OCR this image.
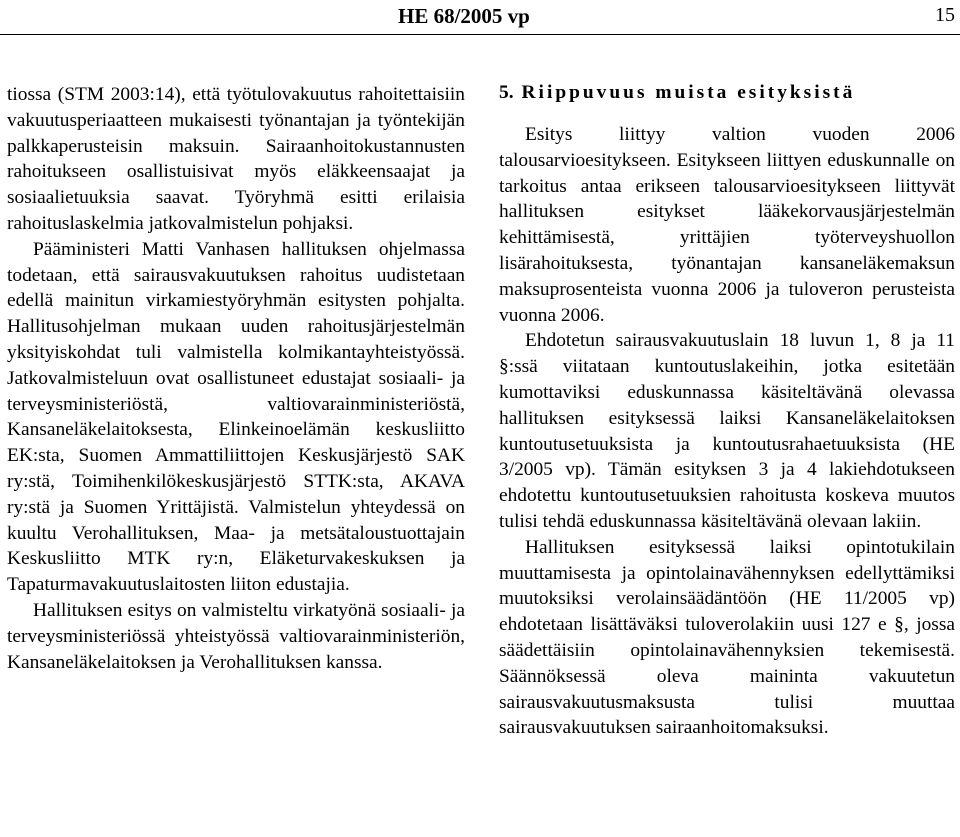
HE 68/2005 vp	15

tiossa (STM 2003:14), että työtulovakuutus rahoitettaisiin vakuutusperiaatteen mukaisesti työnantajan ja työntekijän palkkaperusteisin maksuin. Sairaanhoitokustannusten rahoitukseen osallistuisivat myös eläkkeensaajat ja sosiaalietuuksia saavat. Työryhmä esitti erilaisia rahoituslaskelmia jatkovalmistelun pohjaksi.

Pääministeri Matti Vanhasen hallituksen ohjelmassa todetaan, että sairausvakuutuksen rahoitus uudistetaan edellä mainitun virkamiestyöryhmän esitysten pohjalta. Hallitusohjelman mukaan uuden rahoitusjärjestelmän yksityiskohdat tuli valmistella kolmikantayhteistyössä. Jatkovalmisteluun ovat osallistuneet edustajat sosiaali- ja terveysministeriöstä, valtiovarainministeriöstä, Kansaneläkelaitoksesta, Elinkeinoelämän keskusliitto EK:sta, Suomen Ammattiliittojen Keskusjärjestö SAK ry:stä, Toimihenkilökeskusjärjestö STTK:sta, AKAVA ry:stä ja Suomen Yrittäjistä. Valmistelun yhteydessä on kuultu Verohallituksen, Maa- ja metsätaloustuottajain Keskusliitto MTK ry:n, Eläketurvakeskuksen ja Tapaturmavakuutuslaitosten liiton edustajia.

Hallituksen esitys on valmisteltu virkatyönä sosiaali- ja terveysministeriössä yhteistyössä valtiovarainministeriön, Kansaneläkelaitoksen ja Verohallituksen kanssa.

5. Riippuvuus muista esityksistä

Esitys liittyy valtion vuoden 2006 talousarvioesitykseen. Esitykseen liittyen eduskunnalle on tarkoitus antaa erikseen talousarvioesitykseen liittyvät hallituksen esitykset lääkekorvausjärjestelmän kehittämisestä, yrittäjien työterveyshuollon lisärahoituksesta, työnantajan kansaneläkemaksun maksuprosenteista vuonna 2006 ja tuloveron perusteista vuonna 2006.

Ehdotetun sairausvakuutuslain 18 luvun 1, 8 ja 11 §:ssä viitataan kuntoutuslakeihin, jotka esitetään kumottaviksi eduskunnassa käsiteltävänä olevassa hallituksen esityksessä laiksi Kansaneläkelaitoksen kuntoutusetuuksista ja kuntoutusrahaetuuksista (HE 3/2005 vp). Tämän esityksen 3 ja 4 lakiehdotukseen ehdotettu kuntoutusetuuksien rahoitusta koskeva muutos tulisi tehdä eduskunnassa käsiteltävänä olevaan lakiin.

Hallituksen esityksessä laiksi opintotukilain muuttamisesta ja opintolainavähennyksen edellyttämiksi muutoksiksi verolainsäädäntöön (HE 11/2005 vp) ehdotetaan lisättäväksi tuloverolakiin uusi 127 e §, jossa säädettäisiin opintolainavähennyksien tekemisestä. Säännöksessä oleva maininta vakuutetun sairausvakuutusmaksusta tulisi muuttaa sairausvakuutuksen sairaanhoitomaksuksi.
